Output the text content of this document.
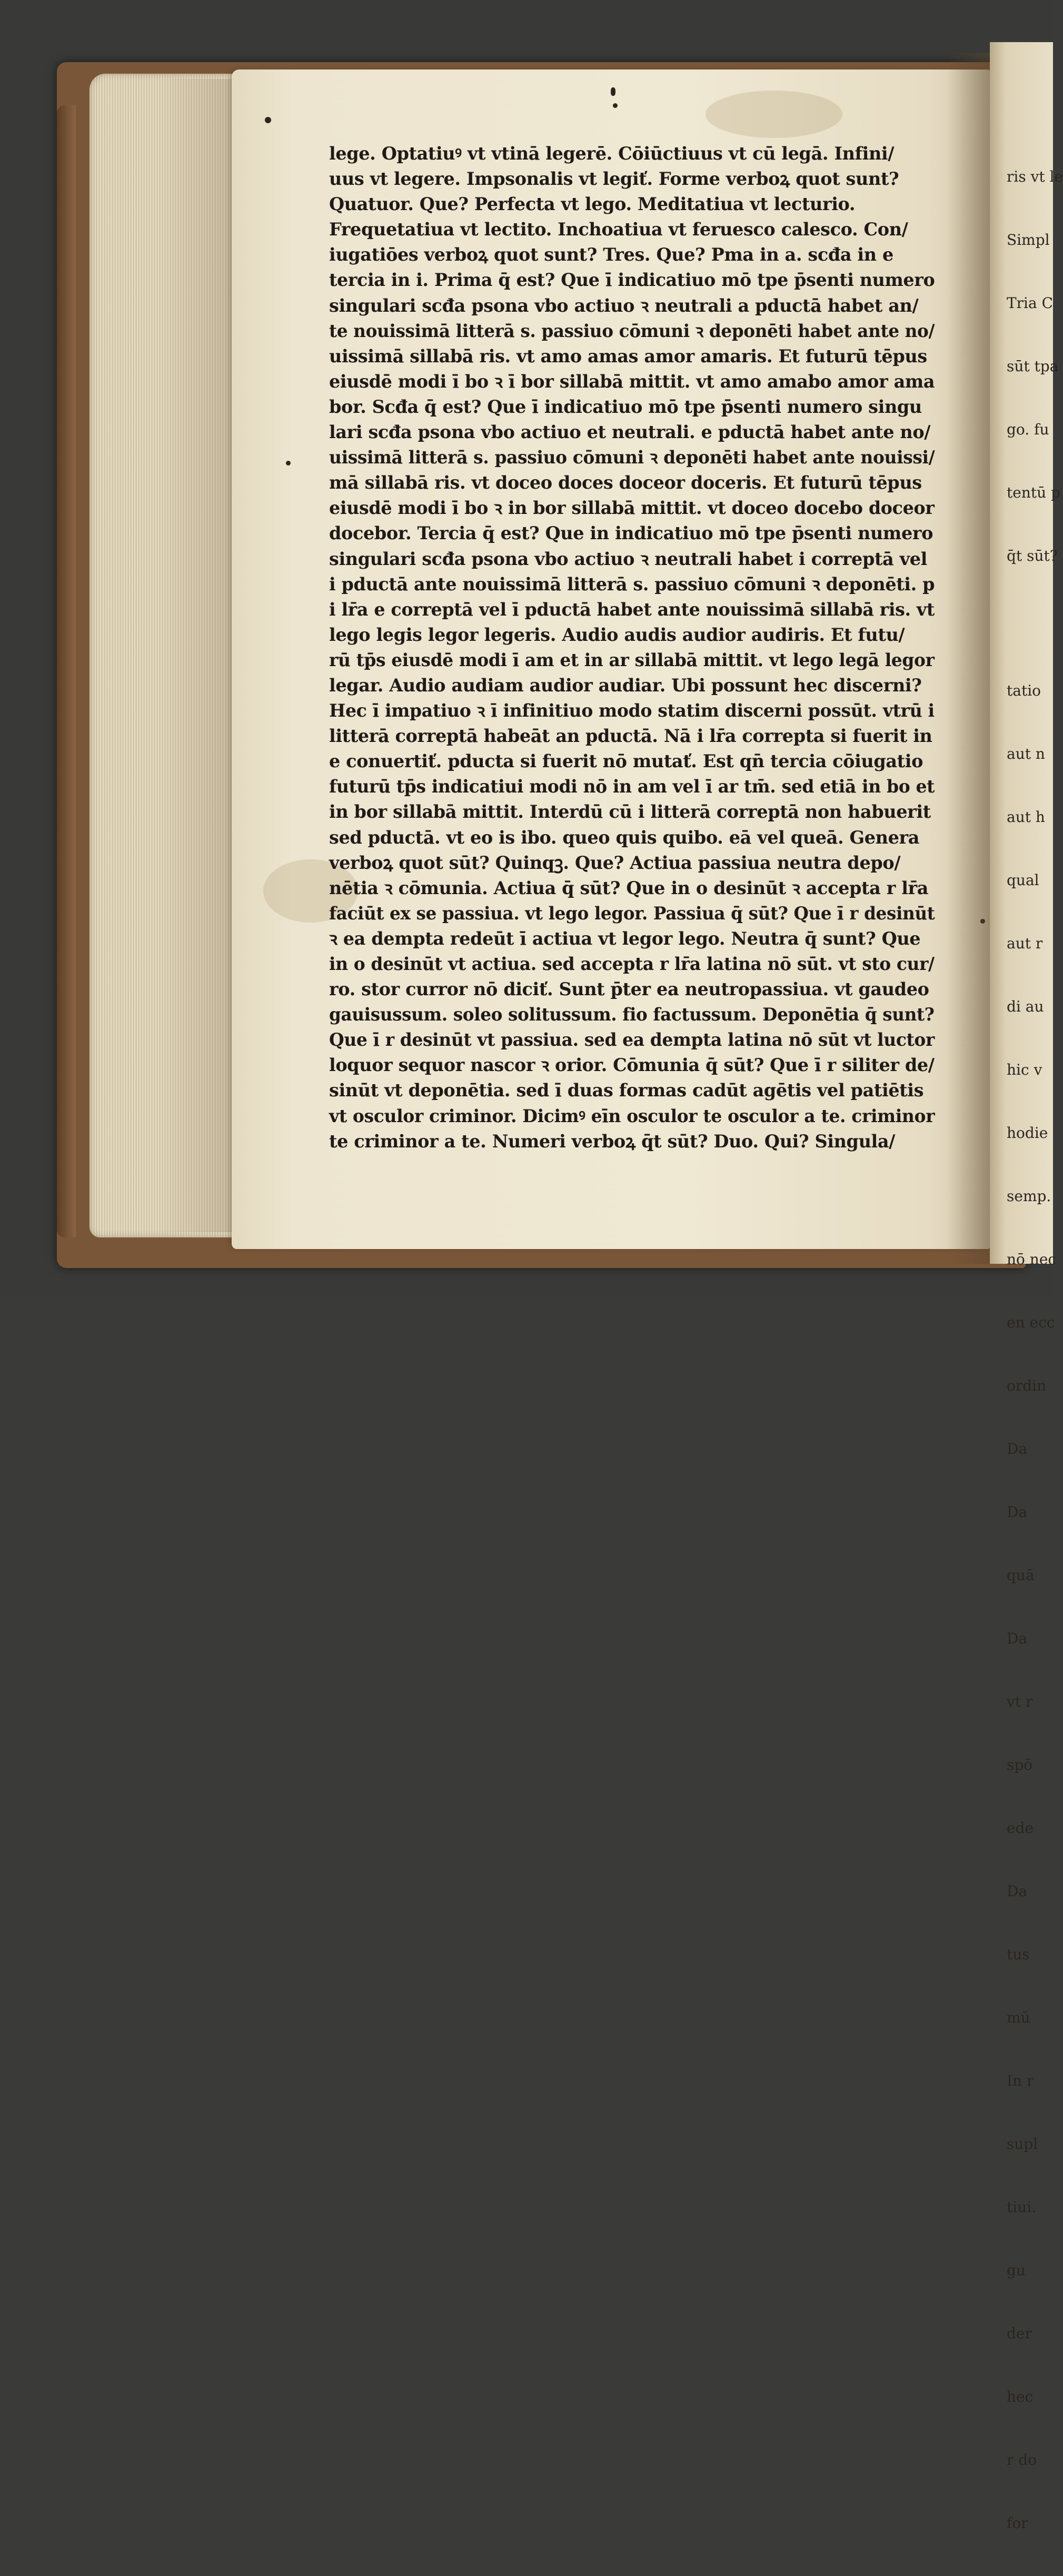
lege. Optatiuꝰ vt vtinā legerē. Cōiūctiuus vt cū legā. Infini/
uus vt legere. Impsonalis vt legiť. Forme verboꝝ quot sunt?
Quatuor. Que? Perfecta vt lego. Meditatiua vt lecturio.
Frequetatiua vt lectito. Inchoatiua vt feruesco calesco. Con/
iugatiōes verboꝝ quot sunt? Tres. Que? Pma in a. scđa in e
tercia in i. Prima q̄ est? Que ī indicatiuo mō tpe p̄senti numero
singulari scđa psona vbo actiuo ꝛ neutrali a pductā habet an/
te nouissimā litterā s. passiuo cōmuni ꝛ deponēti habet ante no/
uissimā sillabā ris. vt amo amas amor amaris. Et futurū tēpus
eiusdē modi ī bo ꝛ ī bor sillabā mittit. vt amo amabo amor ama
bor. Scđa q̄ est? Que ī indicatiuo mō tpe p̄senti numero singu
lari scđa psona vbo actiuo et neutrali. e pductā habet ante no/
uissimā litterā s. passiuo cōmuni ꝛ deponēti habet ante nouissi/
mā sillabā ris. vt doceo doces doceor doceris. Et futurū tēpus
eiusdē modi ī bo ꝛ in bor sillabā mittit. vt doceo docebo doceor
docebor. Tercia q̄ est? Que in indicatiuo mō tpe p̄senti numero
singulari scđa psona vbo actiuo ꝛ neutrali habet i correptā vel
i pductā ante nouissimā litterā s. passiuo cōmuni ꝛ deponēti. p
i lr̄a e correptā vel ī pductā habet ante nouissimā sillabā ris. vt
lego legis legor legeris. Audio audis audior audiris. Et futu/
rū tp̄s eiusdē modi ī am et in ar sillabā mittit. vt lego legā legor
legar. Audio audiam audior audiar. Ubi possunt hec discerni?
Hec ī impatiuo ꝛ ī infinitiuo modo statim discerni possūt. vtrū i
litterā correptā habeāt an pductā. Nā i lr̄a correpta si fuerit in
e conuertiť. pducta si fuerit nō mutať. Est qn̄ tercia cōiugatio
futurū tp̄s indicatiui modi nō in am vel ī ar tm̄. sed etiā in bo et
in bor sillabā mittit. Interdū cū i litterā correptā non habuerit
sed pductā. vt eo is ibo. queo quis quibo. eā vel queā. Genera
verboꝝ quot sūt? Quinqꝫ. Que? Actiua passiua neutra depo/
nētia ꝛ cōmunia. Actiua q̄ sūt? Que in o desinūt ꝛ accepta r lr̄a
faciūt ex se passiua. vt lego legor. Passiua q̄ sūt? Que ī r desinūt
ꝛ ea dempta redeūt ī actiua vt legor lego. Neutra q̄ sunt? Que
in o desinūt vt actiua. sed accepta r lr̄a latina nō sūt. vt sto cur/
ro. stor curror nō diciť. Sunt p̄ter ea neutropassiua. vt gaudeo
gauisussum. soleo solitussum. fio factussum. Deponētia q̄ sunt?
Que ī r desinūt vt passiua. sed ea dempta latina nō sūt vt luctor
loquor sequor nascor ꝛ orior. Cōmunia q̄ sūt? Que ī r siliter de/
sinūt vt deponētia. sed ī duas formas cadūt agētis vel patiētis
vt osculor criminor. Dicimꝰ eīn osculor te osculor a te. criminor
te criminor a te. Numeri verboꝝ q̄t sūt? Duo. Qui? Singula/

ris vt le

Simpl

Tria C

sūt tpa

go. fu

tentū p

q̄t sūt?

tatio

aut n

aut h

qual

aut r

di au

hic v

hodie

semp.

nō nec

en ecc

ordin

Da

Da

quā

Da

vt r

spō

ede

Da

tus

mū

In r

supl

tiui.

gu

der

hec

r do

for
